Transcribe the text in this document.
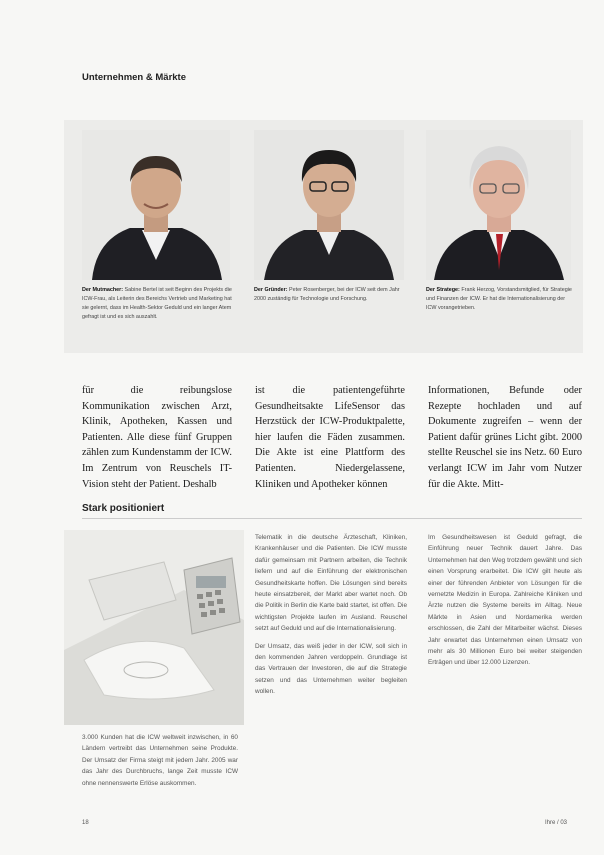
Unternehmen & Märkte
Der Mutmacher: Sabine Bertel ist seit Beginn des Projekts die ICW-Frau, als Leiterin des Bereichs Vertrieb und Marketing hat sie gelernt, dass im Health-Sektor Geduld und ein langer Atem gefragt ist und es sich auszahlt.
Der Gründer: Peter Rosenberger, bei der ICW seit dem Jahr 2000 zuständig für Technologie und Forschung.
Der Stratege: Frank Herzog, Vorstandsmitglied, für Strategie und Finanzen der ICW. Er hat die Internationalisierung der ICW vorangetrieben.
für die reibungslose Kommunikation zwischen Arzt, Klinik, Apotheken, Kassen und Patienten. Alle diese fünf Gruppen zählen zum Kundenstamm der ICW. Im Zentrum von Reuschels IT-Vision steht der Patient. Deshalb
ist die patientengeführte Gesundheitsakte LifeSensor das Herzstück der ICW-Produktpalette, hier laufen die Fäden zusammen. Die Akte ist eine Plattform des Patienten. Niedergelassene, Kliniken und Apotheker können
Informationen, Befunde oder Rezepte hochladen und auf Dokumente zugreifen – wenn der Patient dafür grünes Licht gibt. 2000 stellte Reuschel sie ins Netz. 60 Euro verlangt ICW im Jahr vom Nutzer für die Akte. Mitt-
Stark positioniert

3.000 Kunden hat die ICW weltweit inzwischen, in 60 Ländern vertreibt das Unternehmen seine Produkte. Der Umsatz der Firma steigt mit jedem Jahr. 2005 war das Jahr des Durchbruchs, lange Zeit musste ICW ohne nennenswerte Erlöse auskommen.

Telematik in die deutsche Ärzteschaft, Kliniken, Krankenhäuser und die Patienten. Die ICW musste dafür gemeinsam mit Partnern arbeiten, die Technik liefern und auf die Einführung der elektronischen Gesundheitskarte hoffen. Die Lösungen sind bereits heute einsatzbereit, der Markt aber wartet noch. Ob die Politik in Berlin die Karte bald startet, ist offen. Die wichtigsten Projekte laufen im Ausland. Reuschel setzt auf Geduld und auf die Internationalisierung.

Der Umsatz, das weiß jeder in der ICW, soll sich in den kommenden Jahren verdoppeln. Grundlage ist das Vertrauen der Investoren, die auf die Strategie setzen und das Unternehmen weiter begleiten wollen.

Im Gesundheitswesen ist Geduld gefragt, die Einführung neuer Technik dauert Jahre. Das Unternehmen hat den Weg trotzdem gewählt und sich einen Vorsprung erarbeitet. Die ICW gilt heute als einer der führenden Anbieter von Lösungen für die vernetzte Medizin in Europa. Zahlreiche Kliniken und Ärzte nutzen die Systeme bereits im Alltag. Neue Märkte in Asien und Nordamerika werden erschlossen, die Zahl der Mitarbeiter wächst. Dieses Jahr erwartet das Unternehmen einen Umsatz von mehr als 30 Millionen Euro bei weiter steigenden Erträgen und über 12.000 Lizenzen.

18	Ihre / 03
